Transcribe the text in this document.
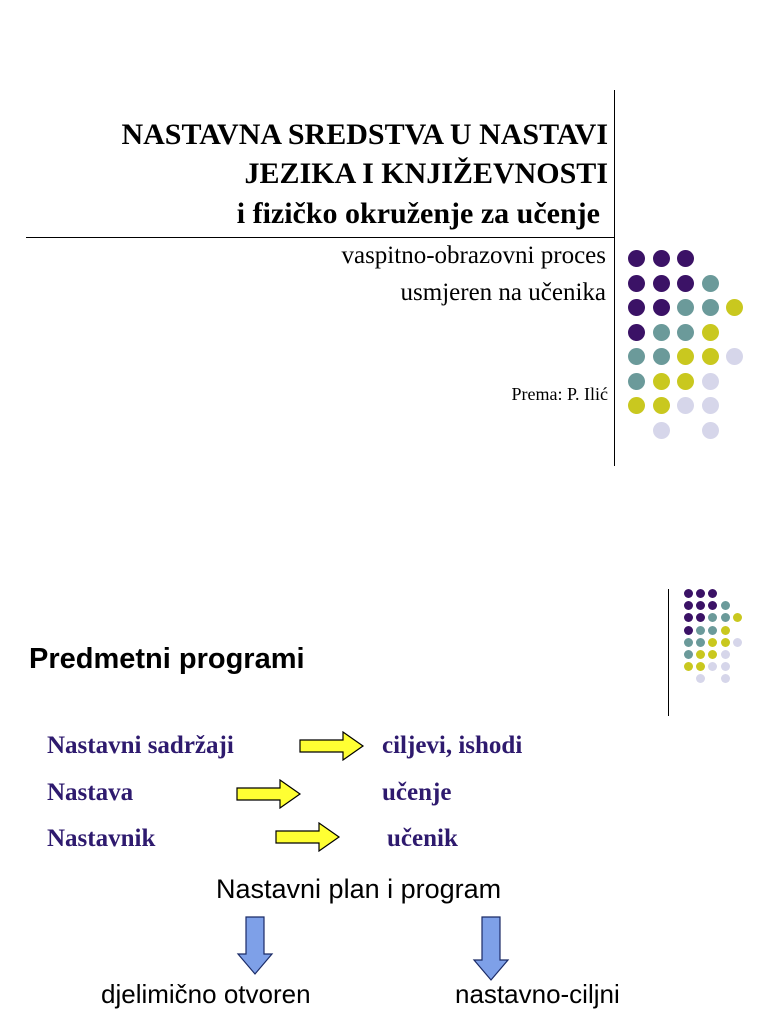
NASTAVNA SREDSTVA U NASTAVI
JEZIKA I KNJIŽEVNOSTI
i fizičko okruženje za učenje
vaspitno-obrazovni proces
usmjeren na učenika
Prema: P. Ilić
Predmetni programi
Nastavni sadržaji	ciljevi, ishodi
Nastava	učenje
Nastavnik	učenik
Nastavni plan i program
djelimično otvoren	nastavno-ciljni
